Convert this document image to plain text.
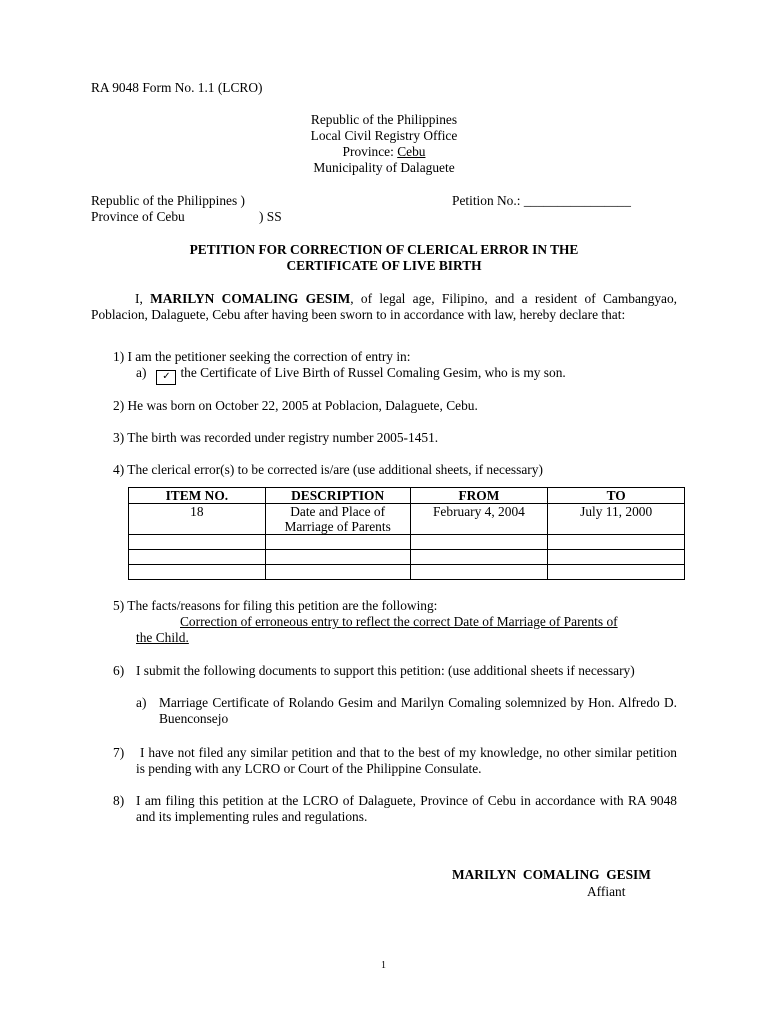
RA 9048 Form No. 1.1 (LCRO)
Republic of the Philippines
Local Civil Registry Office
Province: Cebu
Municipality of Dalaguete
Republic of the Philippines )
Province of Cebu	) SS
Petition No.: ________________
PETITION FOR CORRECTION OF CLERICAL ERROR IN THE
CERTIFICATE OF LIVE BIRTH
I, MARILYN COMALING GESIM, of legal age, Filipino, and a resident of Cambangyao, Poblacion, Dalaguete, Cebu after having been sworn to in accordance with law, hereby declare that:
1) I am the petitioner seeking the correction of entry in:
a) ✓ the Certificate of Live Birth of Russel Comaling Gesim, who is my son.
2) He was born on October 22, 2005 at Poblacion, Dalaguete, Cebu.
3) The birth was recorded under registry number 2005-1451.
4) The clerical error(s) to be corrected is/are (use additional sheets, if necessary)
ITEM NO.	DESCRIPTION	FROM	TO
18	Date and Place of Marriage of Parents	February 4, 2004	July 11, 2000

5) The facts/reasons for filing this petition are the following:
Correction of erroneous entry to reflect the correct Date of Marriage of Parents of
the Child.
6) I submit the following documents to support this petition: (use additional sheets if necessary)
a) Marriage Certificate of Rolando Gesim and Marilyn Comaling solemnized by Hon. Alfredo D. Buenconsejo
7) I have not filed any similar petition and that to the best of my knowledge, no other similar petition is pending with any LCRO or Court of the Philippine Consulate.
8) I am filing this petition at the LCRO of Dalaguete, Province of Cebu in accordance with RA 9048 and its implementing rules and regulations.
MARILYN  COMALING  GESIM
Affiant
1
